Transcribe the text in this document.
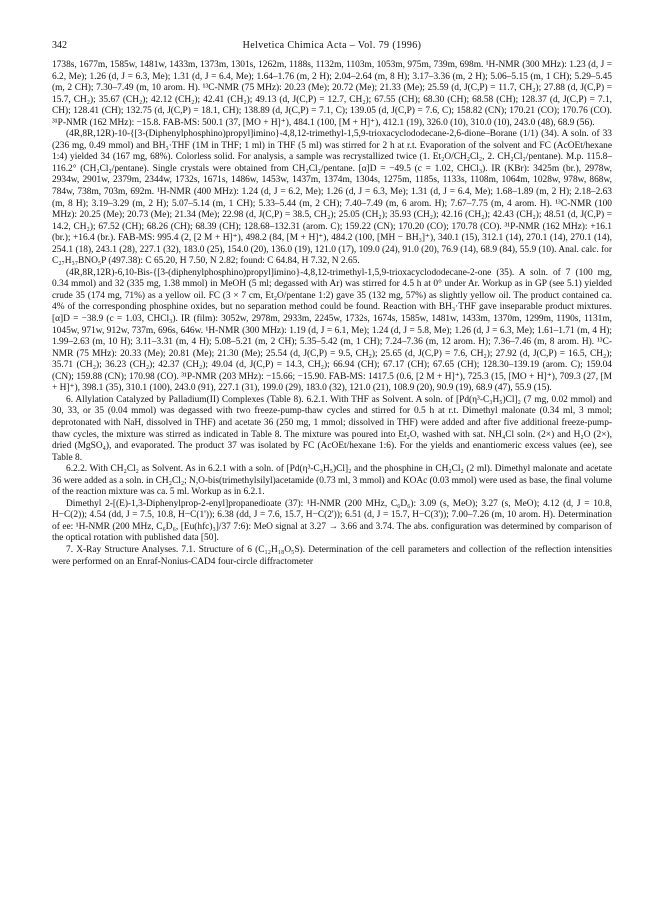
342	Helvetica Chimica Acta – Vol. 79 (1996)

1738s, 1677m, 1585w, 1481w, 1433m, 1373m, 1301s, 1262m, 1188s, 1132m, 1103m, 1053m, 975m, 739m, 698m. ¹H-NMR (300 MHz): 1.23 (d, J = 6.2, Me); 1.26 (d, J = 6.3, Me); 1.31 (d, J = 6.4, Me); 1.64–1.76 (m, 2 H); 2.04–2.64 (m, 8 H); 3.17–3.36 (m, 2 H); 5.06–5.15 (m, 1 CH); 5.29–5.45 (m, 2 CH); 7.30–7.49 (m, 10 arom. H). ¹³C-NMR (75 MHz): 20.23 (Me); 20.72 (Me); 21.33 (Me); 25.59 (d, J(C,P) = 11.7, CH₂); 27.88 (d, J(C,P) = 15.7, CH₂); 35.67 (CH₂); 42.12 (CH₂); 42.41 (CH₂); 49.13 (d, J(C,P) = 12.7, CH₂); 67.55 (CH); 68.30 (CH); 68.58 (CH); 128.37 (d, J(C,P) = 7.1, CH); 128.41 (CH); 132.75 (d, J(C,P) = 18.1, CH); 138.89 (d, J(C,P) = 7.1, C); 139.05 (d, J(C,P) = 7.6, C); 158.82 (CN); 170.21 (CO); 170.76 (CO). ³¹P-NMR (162 MHz): −15.8. FAB-MS: 500.1 (37, [MO + H]⁺), 484.1 (100, [M + H]⁺), 412.1 (19), 326.0 (10), 310.0 (10), 243.0 (48), 68.9 (56).

(4R,8R,12R)-10-{[3-(Diphenylphosphino)propyl]imino}-4,8,12-trimethyl-1,5,9-trioxacyclododecane-2,6-dione–Borane (1/1) (34). A soln. of 33 (236 mg, 0.49 mmol) and BH₃·THF (1M in THF; 1 ml) in THF (5 ml) was stirred for 2 h at r.t. Evaporation of the solvent and FC (AcOEt/hexane 1:4) yielded 34 (167 mg, 68%). Colorless solid. For analysis, a sample was recrystallized twice (1. Et₂O/CH₂Cl₂, 2. CH₂Cl₂/pentane). M.p. 115.8–116.2° (CH₂Cl₂/pentane). Single crystals were obtained from CH₂Cl₂/pentane. [α]D = −49.5 (c = 1.02, CHCl₃). IR (KBr): 3425m (br.), 2978w, 2934w, 2901w, 2379m, 2344w, 1732s, 1671s, 1486w, 1453w, 1437m, 1374m, 1304s, 1275m, 1185s, 1133s, 1108m, 1064m, 1028w, 978w, 868w, 784w, 738m, 703m, 692m. ¹H-NMR (400 MHz): 1.24 (d, J = 6.2, Me); 1.26 (d, J = 6.3, Me); 1.31 (d, J = 6.4, Me); 1.68–1.89 (m, 2 H); 2.18–2.63 (m, 8 H); 3.19–3.29 (m, 2 H); 5.07–5.14 (m, 1 CH); 5.33–5.44 (m, 2 CH); 7.40–7.49 (m, 6 arom. H); 7.67–7.75 (m, 4 arom. H). ¹³C-NMR (100 MHz): 20.25 (Me); 20.73 (Me); 21.34 (Me); 22.98 (d, J(C,P) = 38.5, CH₂); 25.05 (CH₂); 35.93 (CH₂); 42.16 (CH₂); 42.43 (CH₂); 48.51 (d, J(C,P) = 14.2, CH₂); 67.52 (CH); 68.26 (CH); 68.39 (CH); 128.68–132.31 (arom. C); 159.22 (CN); 170.20 (CO); 170.78 (CO). ³¹P-NMR (162 MHz): +16.1 (br.); +16.4 (br.). FAB-MS: 995.4 (2, [2 M + H]⁺), 498.2 (84, [M + H]⁺), 484.2 (100, [MH − BH₃]⁺), 340.1 (15), 312.1 (14), 270.1 (14), 270.1 (14), 254.1 (18), 243.1 (28), 227.1 (32), 183.0 (25), 154.0 (20), 136.0 (19), 121.0 (17), 109.0 (24), 91.0 (20), 76.9 (14), 68.9 (84), 55.9 (10). Anal. calc. for C₂₇H₃₇BNO₅P (497.38): C 65.20, H 7.50, N 2.82; found: C 64.84, H 7.32, N 2.65.

(4R,8R,12R)-6,10-Bis-{[3-(diphenylphosphino)propyl]imino}-4,8,12-trimethyl-1,5,9-trioxacyclododecane-2-one (35). A soln. of 7 (100 mg, 0.34 mmol) and 32 (335 mg, 1.38 mmol) in MeOH (5 ml; degassed with Ar) was stirred for 4.5 h at 0° under Ar. Workup as in GP (see 5.1) yielded crude 35 (174 mg, 71%) as a yellow oil. FC (3 × 7 cm, Et₂O/pentane 1:2) gave 35 (132 mg, 57%) as slightly yellow oil. The product contained ca. 4% of the corresponding phosphine oxides, but no separation method could be found. Reaction with BH₃·THF gave inseparable product mixtures. [α]D = −38.9 (c = 1.03, CHCl₃). IR (film): 3052w, 2978m, 2933m, 2245w, 1732s, 1674s, 1585w, 1481w, 1433m, 1370m, 1299m, 1190s, 1131m, 1045w, 971w, 912w, 737m, 696s, 646w. ¹H-NMR (300 MHz): 1.19 (d, J = 6.1, Me); 1.24 (d, J = 5.8, Me); 1.26 (d, J = 6.3, Me); 1.61–1.71 (m, 4 H); 1.99–2.63 (m, 10 H); 3.11–3.31 (m, 4 H); 5.08–5.21 (m, 2 CH); 5.35–5.42 (m, 1 CH); 7.24–7.36 (m, 12 arom. H); 7.36–7.46 (m, 8 arom. H). ¹³C-NMR (75 MHz): 20.33 (Me); 20.81 (Me); 21.30 (Me); 25.54 (d, J(C,P) = 9.5, CH₂); 25.65 (d, J(C,P) = 7.6, CH₂); 27.92 (d, J(C,P) = 16.5, CH₂); 35.71 (CH₂); 36.23 (CH₂); 42.37 (CH₂); 49.04 (d, J(C,P) = 14.3, CH₂); 66.94 (CH); 67.17 (CH); 67.65 (CH); 128.30–139.19 (arom. C); 159.04 (CN); 159.88 (CN); 170.98 (CO). ³¹P-NMR (203 MHz): −15.66; −15.90. FAB-MS: 1417.5 (0.6, [2 M + H]⁺), 725.3 (15, [MO + H]⁺), 709.3 (27, [M + H]⁺), 398.1 (35), 310.1 (100), 243.0 (91), 227.1 (31), 199.0 (29), 183.0 (32), 121.0 (21), 108.9 (20), 90.9 (19), 68.9 (47), 55.9 (15).

6. Allylation Catalyzed by Palladium(II) Complexes (Table 8). 6.2.1. With THF as Solvent. A soln. of [Pd(η³-C₃H₅)Cl]₂ (7 mg, 0.02 mmol) and 30, 33, or 35 (0.04 mmol) was degassed with two freeze-pump-thaw cycles and stirred for 0.5 h at r.t. Dimethyl malonate (0.34 ml, 3 mmol; deprotonated with NaH, dissolved in THF) and acetate 36 (250 mg, 1 mmol; dissolved in THF) were added and after five additional freeze-pump-thaw cycles, the mixture was stirred as indicated in Table 8. The mixture was poured into Et₂O, washed with sat. NH₄Cl soln. (2×) and H₂O (2×), dried (MgSO₄), and evaporated. The product 37 was isolated by FC (AcOEt/hexane 1:6). For the yields and enantiomeric excess values (ee), see Table 8.

6.2.2. With CH₂Cl₂ as Solvent. As in 6.2.1 with a soln. of [Pd(η³-C₃H₅)Cl]₂ and the phosphine in CH₂Cl₂ (2 ml). Dimethyl malonate and acetate 36 were added as a soln. in CH₂Cl₂; N,O-bis(trimethylsilyl)acetamide (0.73 ml, 3 mmol) and KOAc (0.03 mmol) were used as base, the final volume of the reaction mixture was ca. 5 ml. Workup as in 6.2.1.

Dimethyl 2-[(E)-1,3-Diphenylprop-2-enyl]propanedioate (37): ¹H-NMR (200 MHz, C₆D₆): 3.09 (s, MeO); 3.27 (s, MeO); 4.12 (d, J = 10.8, H−C(2)); 4.54 (dd, J = 7.5, 10.8, H−C(1')); 6.38 (dd, J = 7.6, 15.7, H−C(2')); 6.51 (d, J = 15.7, H−C(3')); 7.00–7.26 (m, 10 arom. H). Determination of ee: ¹H-NMR (200 MHz, C₆D₆, [Eu(hfc)₃]/37 7:6): MeO signal at 3.27 → 3.66 and 3.74. The abs. configuration was determined by comparison of the optical rotation with published data [50].

7. X-Ray Structure Analyses. 7.1. Structure of 6 (C₁₂H₁₈O₅S). Determination of the cell parameters and collection of the reflection intensities were performed on an Enraf-Nonius-CAD4 four-circle diffractometer
